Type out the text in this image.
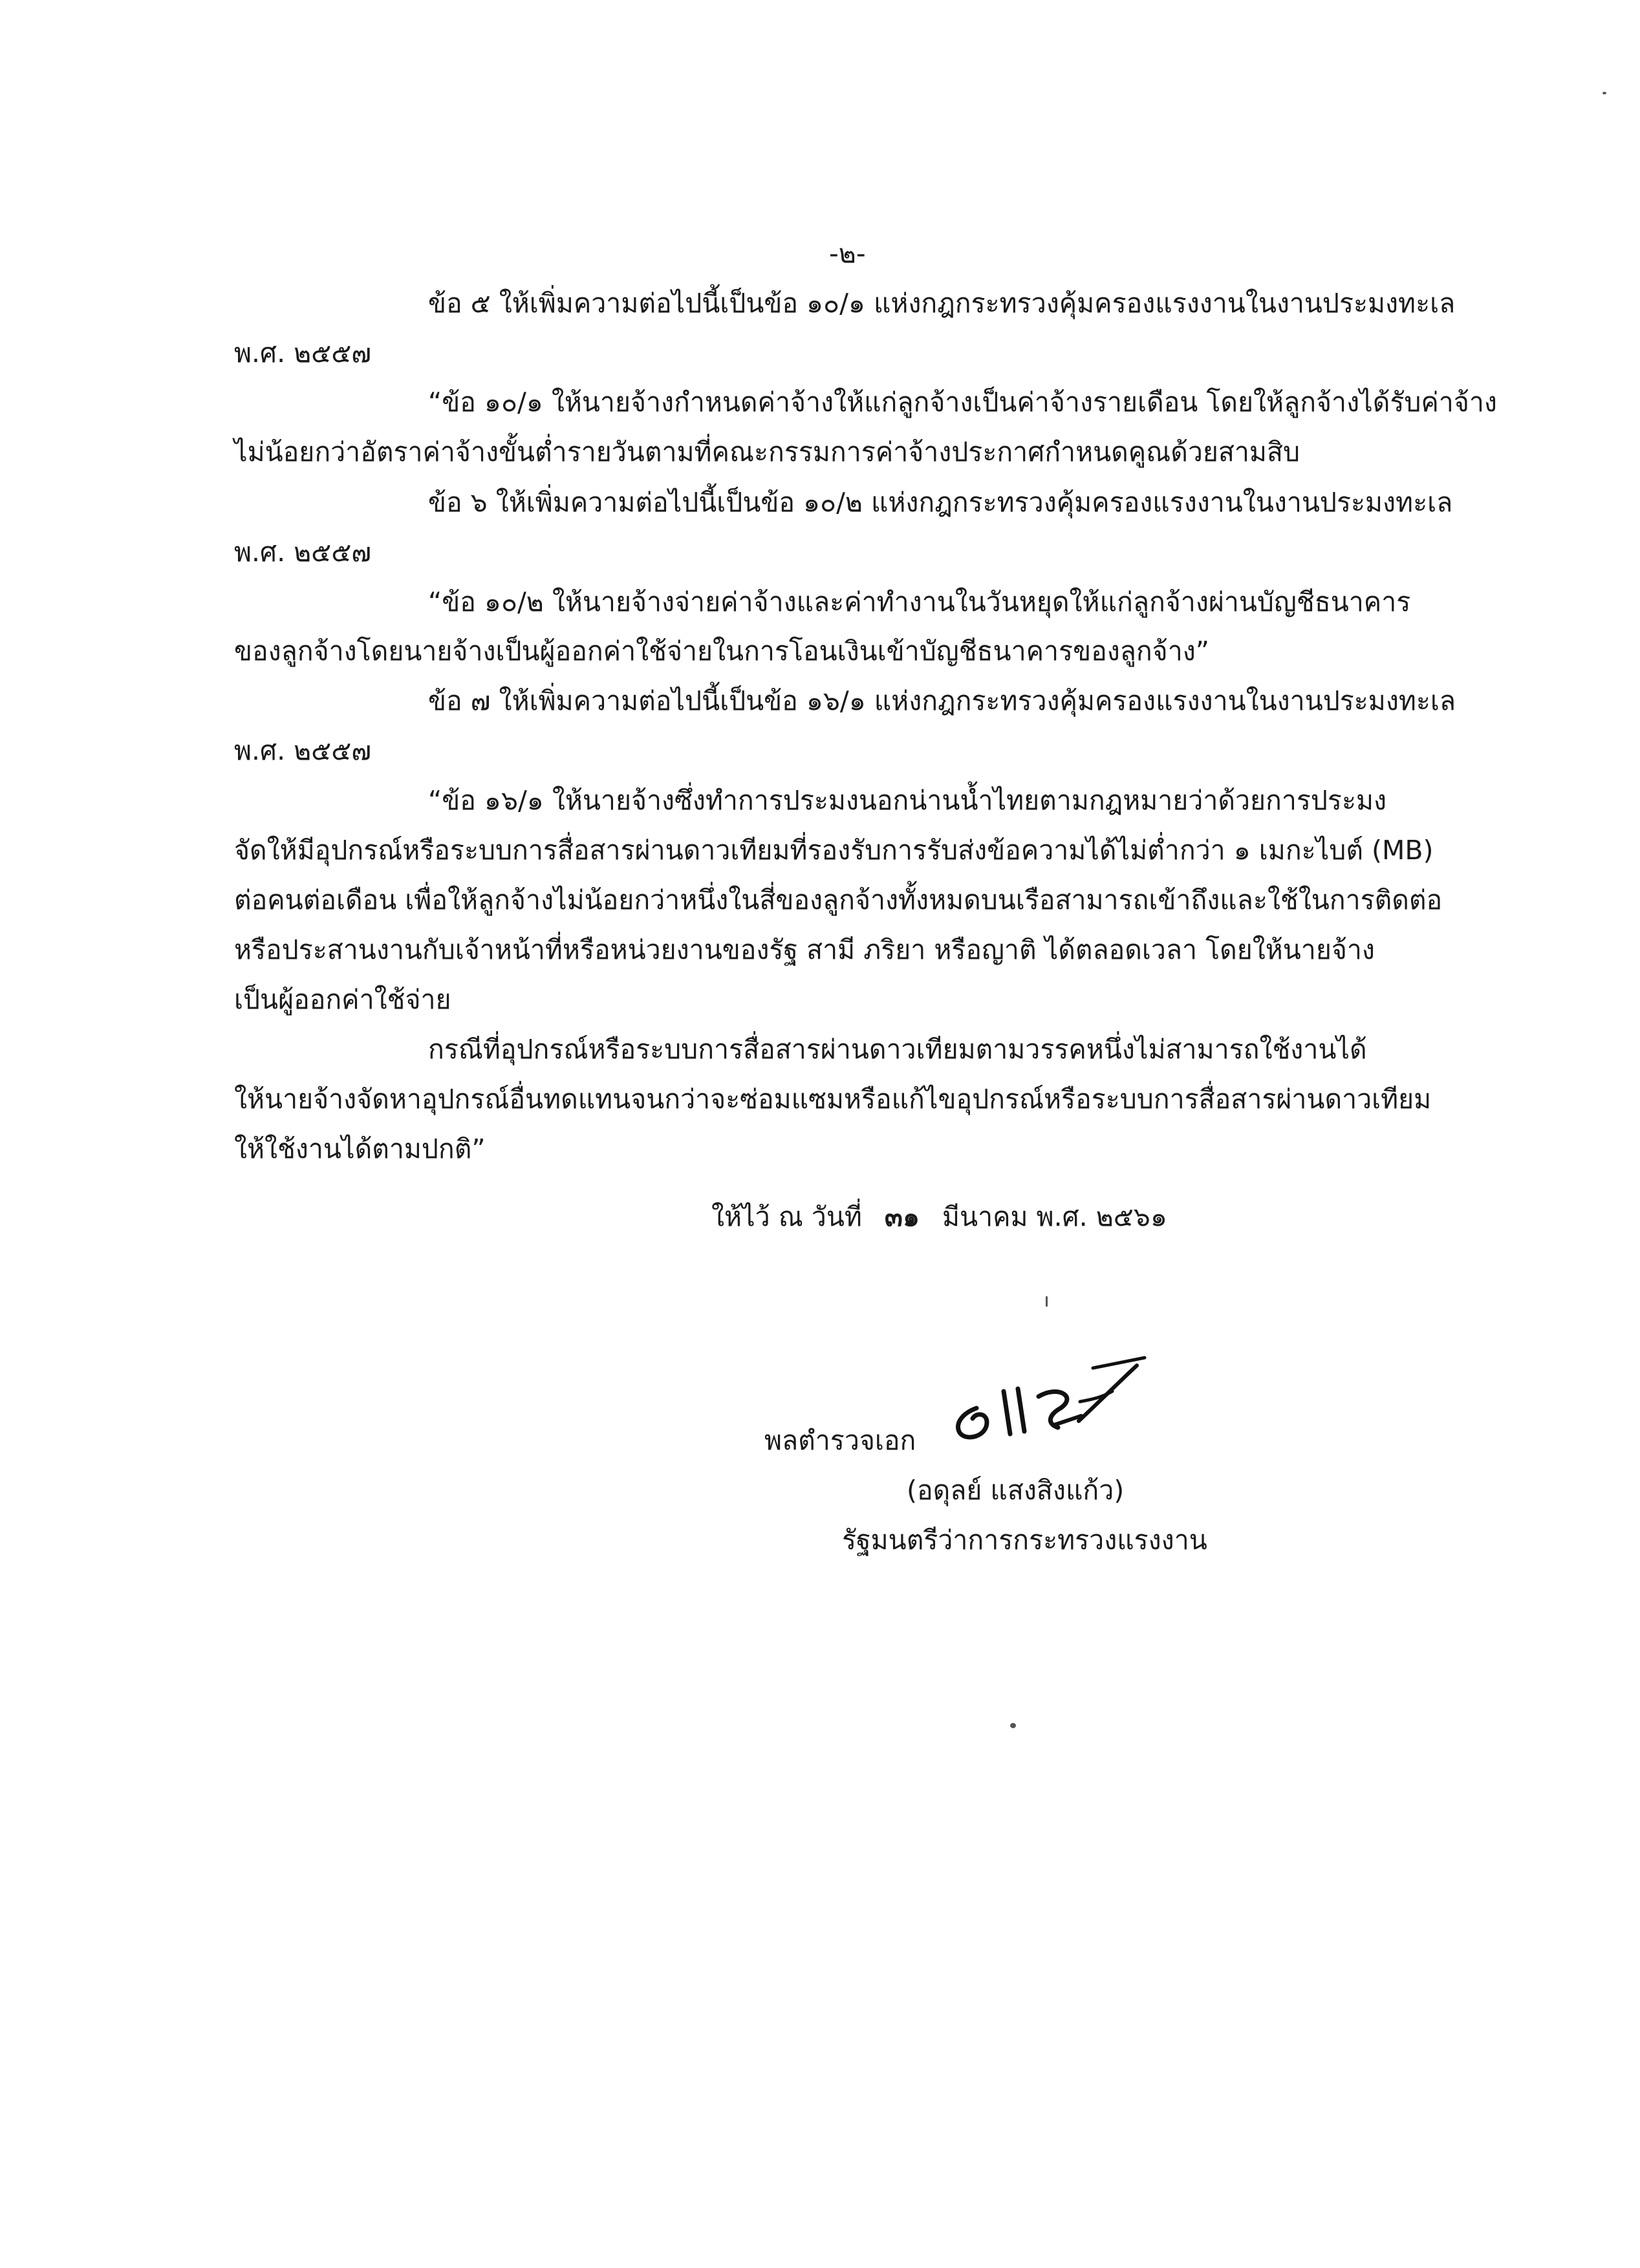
-๒-
ข้อ ๕ ให้เพิ่มความต่อไปนี้เป็นข้อ ๑๐/๑ แห่งกฎกระทรวงคุ้มครองแรงงานในงานประมงทะเล
พ.ศ. ๒๕๕๗
“ข้อ ๑๐/๑ ให้นายจ้างกำหนดค่าจ้างให้แก่ลูกจ้างเป็นค่าจ้างรายเดือน โดยให้ลูกจ้างได้รับค่าจ้าง
ไม่น้อยกว่าอัตราค่าจ้างขั้นต่ำรายวันตามที่คณะกรรมการค่าจ้างประกาศกำหนดคูณด้วยสามสิบ
ข้อ ๖ ให้เพิ่มความต่อไปนี้เป็นข้อ ๑๐/๒ แห่งกฎกระทรวงคุ้มครองแรงงานในงานประมงทะเล
พ.ศ. ๒๕๕๗
“ข้อ ๑๐/๒ ให้นายจ้างจ่ายค่าจ้างและค่าทำงานในวันหยุดให้แก่ลูกจ้างผ่านบัญชีธนาคาร
ของลูกจ้างโดยนายจ้างเป็นผู้ออกค่าใช้จ่ายในการโอนเงินเข้าบัญชีธนาคารของลูกจ้าง”
ข้อ ๗ ให้เพิ่มความต่อไปนี้เป็นข้อ ๑๖/๑ แห่งกฎกระทรวงคุ้มครองแรงงานในงานประมงทะเล
พ.ศ. ๒๕๕๗
“ข้อ ๑๖/๑ ให้นายจ้างซึ่งทำการประมงนอกน่านน้ำไทยตามกฎหมายว่าด้วยการประมง
จัดให้มีอุปกรณ์หรือระบบการสื่อสารผ่านดาวเทียมที่รองรับการรับส่งข้อความได้ไม่ต่ำกว่า ๑ เมกะไบต์ (MB)
ต่อคนต่อเดือน เพื่อให้ลูกจ้างไม่น้อยกว่าหนึ่งในสี่ของลูกจ้างทั้งหมดบนเรือสามารถเข้าถึงและใช้ในการติดต่อ
หรือประสานงานกับเจ้าหน้าที่หรือหน่วยงานของรัฐ สามี ภริยา หรือญาติ ได้ตลอดเวลา โดยให้นายจ้าง
เป็นผู้ออกค่าใช้จ่าย
กรณีที่อุปกรณ์หรือระบบการสื่อสารผ่านดาวเทียมตามวรรคหนึ่งไม่สามารถใช้งานได้
ให้นายจ้างจัดหาอุปกรณ์อื่นทดแทนจนกว่าจะซ่อมแซมหรือแก้ไขอุปกรณ์หรือระบบการสื่อสารผ่านดาวเทียม
ให้ใช้งานได้ตามปกติ”
ให้ไว้ ณ วันที่ ๓๑ มีนาคม พ.ศ. ๒๕๖๑
พลตำรวจเอก
(อดุลย์ แสงสิงแก้ว)
รัฐมนตรีว่าการกระทรวงแรงงาน
